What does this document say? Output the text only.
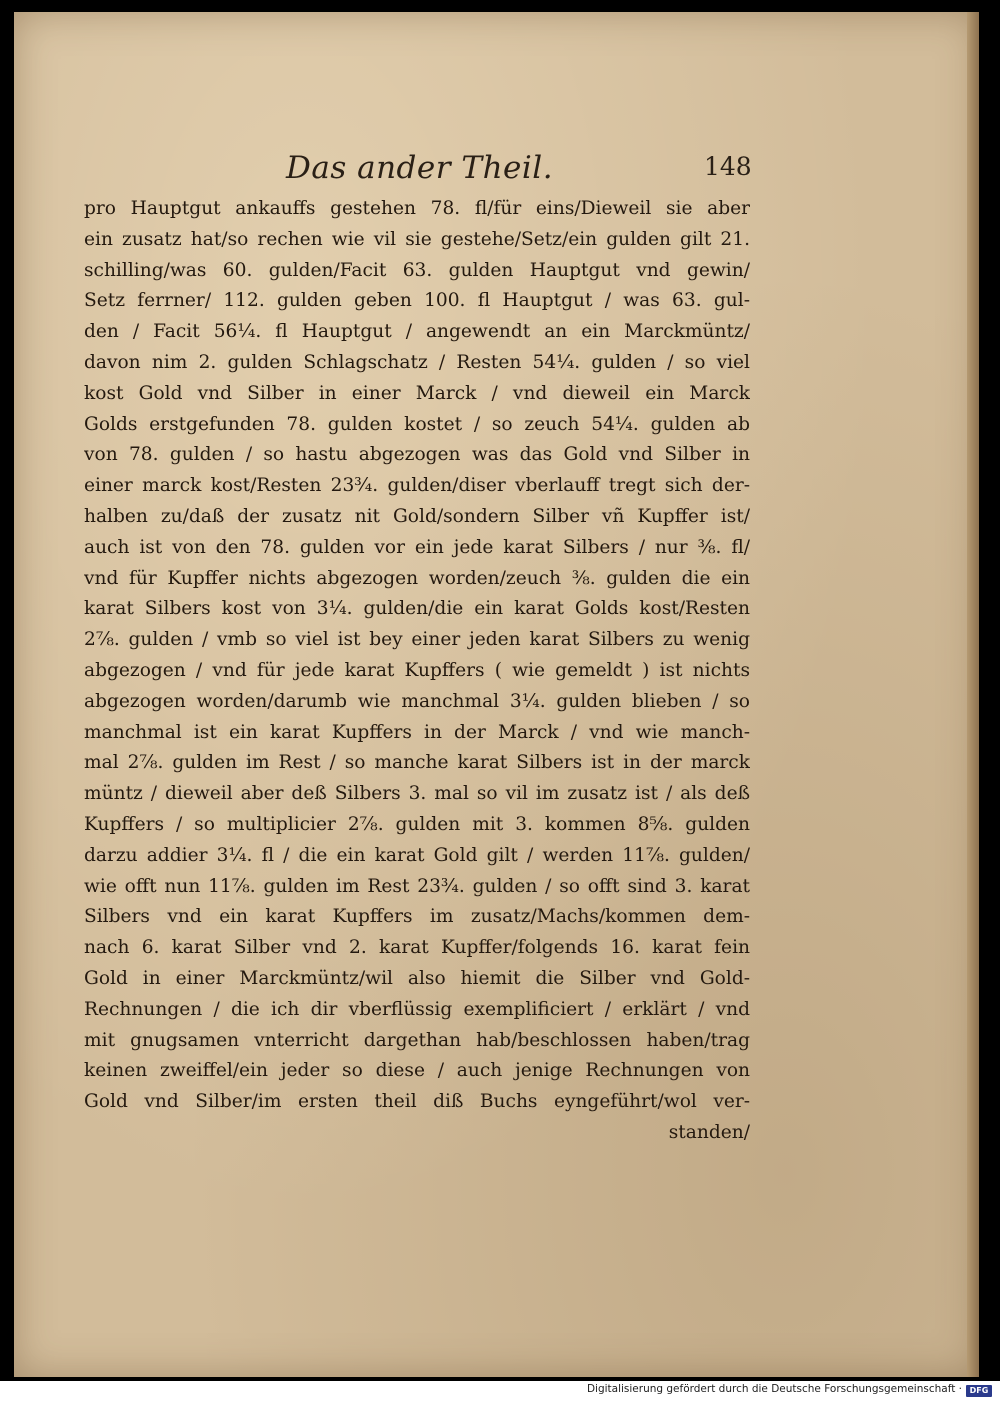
Das ander Theil.	148
pro Hauptgut ankauffs gestehen 78. fl/für eins/Dieweil sie aber
ein zusatz hat/so rechen wie vil sie gestehe/Setz/ein gulden gilt 21.
schilling/was 60. gulden/Facit 63. gulden Hauptgut vnd gewin/
Setz ferrner/ 112. gulden geben 100. fl Hauptgut / was 63. gul-
den / Facit 56¼. fl Hauptgut / angewendt an ein Marckmüntz/
davon nim 2. gulden Schlagschatz / Resten 54¼. gulden / so viel
kost Gold vnd Silber in einer Marck / vnd dieweil ein Marck
Golds erstgefunden 78. gulden kostet / so zeuch 54¼. gulden ab
von 78. gulden / so hastu abgezogen was das Gold vnd Silber in
einer marck kost/Resten 23¾. gulden/diser vberlauff tregt sich der-
halben zu/daß der zusatz nit Gold/sondern Silber vñ Kupffer ist/
auch ist von den 78. gulden vor ein jede karat Silbers / nur ⅜. fl/
vnd für Kupffer nichts abgezogen worden/zeuch ⅜. gulden die ein
karat Silbers kost von 3¼. gulden/die ein karat Golds kost/Resten
2⅞. gulden / vmb so viel ist bey einer jeden karat Silbers zu wenig
abgezogen / vnd für jede karat Kupffers ( wie gemeldt ) ist nichts
abgezogen worden/darumb wie manchmal 3¼. gulden blieben / so
manchmal ist ein karat Kupffers in der Marck / vnd wie manch-
mal 2⅞. gulden im Rest / so manche karat Silbers ist in der marck
müntz / dieweil aber deß Silbers 3. mal so vil im zusatz ist / als deß
Kupffers / so multiplicier 2⅞. gulden mit 3. kommen 8⅝. gulden
darzu addier 3¼. fl / die ein karat Gold gilt / werden 11⅞. gulden/
wie offt nun 11⅞. gulden im Rest 23¾. gulden / so offt sind 3. karat
Silbers vnd ein karat Kupffers im zusatz/Machs/kommen dem-
nach 6. karat Silber vnd 2. karat Kupffer/folgends 16. karat fein
Gold in einer Marckmüntz/wil also hiemit die Silber vnd Gold-
Rechnungen / die ich dir vberflüssig exemplificiert / erklärt / vnd
mit gnugsamen vnterricht dargethan hab/beschlossen haben/trag
keinen zweiffel/ein jeder so diese / auch jenige Rechnungen von
Gold vnd Silber/im ersten theil diß Buchs eyngeführt/wol ver-
standen/
Digitalisierung gefördert durch die Deutsche Forschungsgemeinschaft · DFG
